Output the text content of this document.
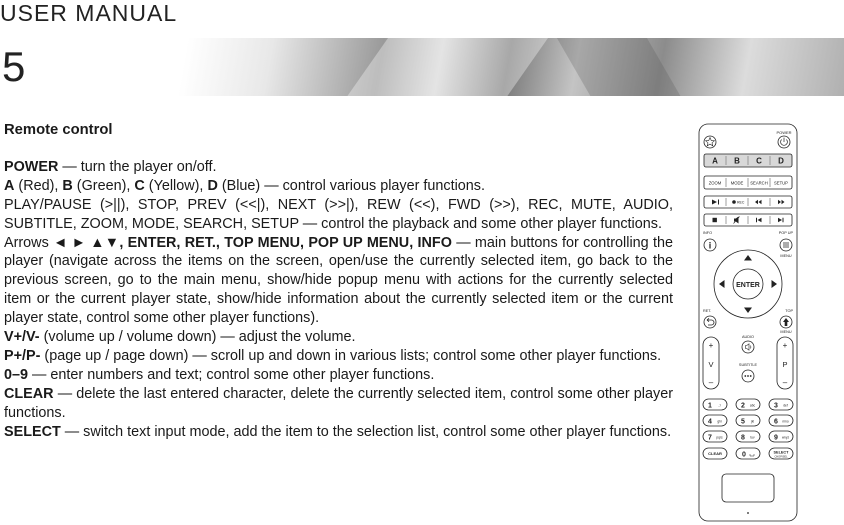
USER MANUAL
5
Remote control

POWER — turn the player on/off.

A (Red), B (Green), C (Yellow), D (Blue) — control various player functions.

PLAY/PAUSE (>||), STOP, PREV (<<|), NEXT (>>|), REW (<<), FWD (>>), REC, MUTE, AUDIO, SUBTITLE, ZOOM, MODE, SEARCH, SETUP — control the playback and some other player functions.

Arrows ◄ ► ▲▼, ENTER, RET., TOP MENU, POP UP MENU, INFO — main buttons for controlling the player (navigate across the items on the screen, open/use the currently selected item, go back to the previous screen, go to the main menu, show/hide popup menu with actions for the currently selected item or the current player state, show/hide information about the currently selected item or the current player state, control some other player functions).

V+/V- (volume up / volume down) — adjust the volume.

P+/P- (page up / page down) — scroll up and down in various lists; control some other player functions.

0–9 — enter numbers and text; control some other player functions.

CLEAR — delete the last entered character, delete the currently selected item, control some other player functions.

SELECT — switch text input mode, add the item to the selection list, control some other player functions.

POWER
A B C D
ZOOM MODE SEARCH SETUP
REC
INFO
i
POP UP
MENU
ENTER
RET.	TOP
MENU
+
V
–
+
P
–
AUDIO
SUBTITLE
1 .:/	2 abc	3 def
4 ghi	5	jkl	6 mno
7 pqrs	8 tuv	9 wxyz
CLEAR	0	SELECT
CHOP/SEL
